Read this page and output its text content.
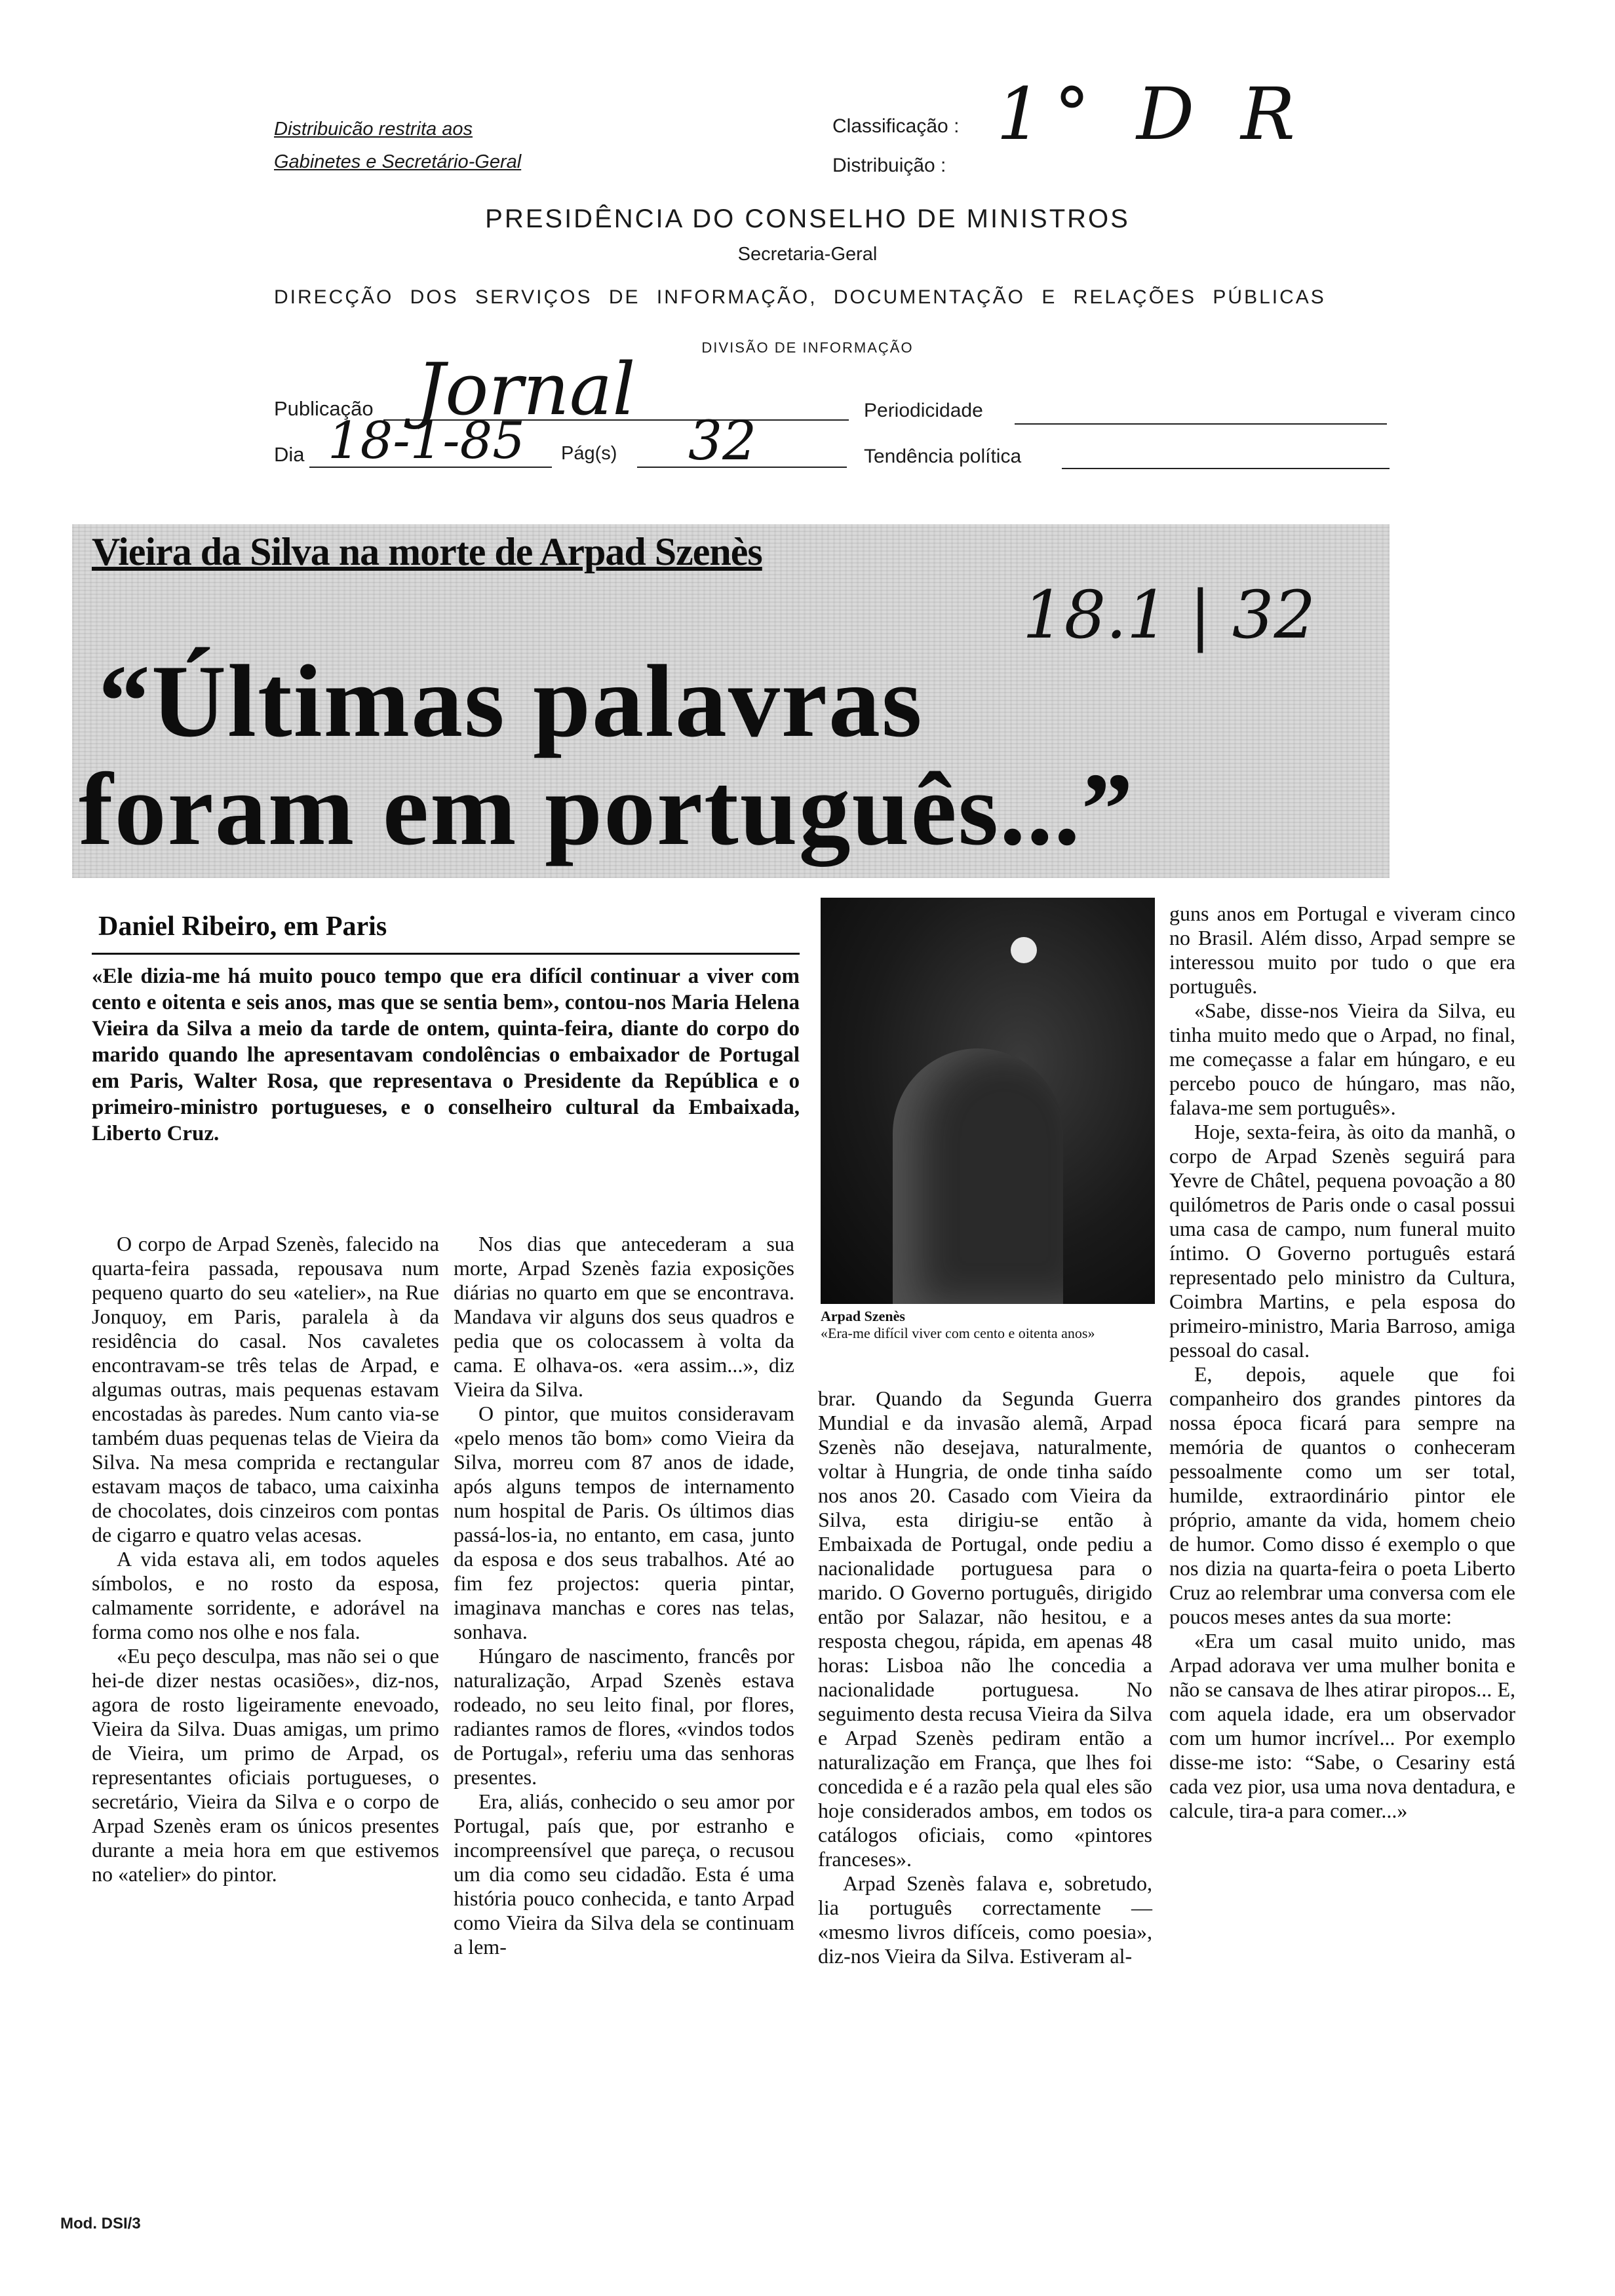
Distribuicão restrita aos
Gabinetes e Secretário-Geral
Classificação :
Distribuição :
1° D R
PRESIDÊNCIA DO CONSELHO DE MINISTROS
Secretaria-Geral
DIRECÇÃO DOS SERVIÇOS DE INFORMAÇÃO, DOCUMENTAÇÃO E RELAÇÕES PÚBLICAS
DIVISÃO DE INFORMAÇÃO
Publicação Jornal	Periodicidade
Dia 18-1-85 Pág(s) 32	Tendência política
Vieira da Silva na morte de Arpad Szenès
18.1 | 32
“Últimas palavras
foram em português...”
Daniel Ribeiro, em Paris

«Ele dizia-me há muito pouco tempo que era difícil continuar a viver com cento e oitenta e seis anos, mas que se sentia bem», contou-nos Maria Helena Vieira da Silva a meio da tarde de ontem, quinta-feira, diante do corpo do marido quando lhe apresentavam condolências o embaixador de Portugal em Paris, Walter Rosa, que representava o Presidente da República e o primeiro-ministro portugueses, e o conselheiro cultural da Embaixada, Liberto Cruz.

O corpo de Arpad Szenès, falecido na quarta-feira passada, repousava num pequeno quarto do seu «atelier», na Rue Jonquoy, em Paris, paralela à da residência do casal. Nos cavaletes encontravam-se três telas de Arpad, e algumas outras, mais pequenas estavam encostadas às paredes. Num canto via-se também duas pequenas telas de Vieira da Silva. Na mesa comprida e rectangular estavam maços de tabaco, uma caixinha de chocolates, dois cinzeiros com pontas de cigarro e quatro velas acesas.

A vida estava ali, em todos aqueles símbolos, e no rosto da esposa, calmamente sorridente, e adorável na forma como nos olhe e nos fala.

«Eu peço desculpa, mas não sei o que hei-de dizer nestas ocasiões», diz-nos, agora de rosto ligeiramente enevoado, Vieira da Silva. Duas amigas, um primo de Vieira, um primo de Arpad, os representantes oficiais portugueses, o secretário, Vieira da Silva e o corpo de Arpad Szenès eram os únicos presentes durante a meia hora em que estivemos no «atelier» do pintor.

Nos dias que antecederam a sua morte, Arpad Szenès fazia exposições diárias no quarto em que se encontrava. Mandava vir alguns dos seus quadros e pedia que os colocassem à volta da cama. E olhava-os. «era assim...», diz Vieira da Silva.

O pintor, que muitos consideravam «pelo menos tão bom» como Vieira da Silva, morreu com 87 anos de idade, após alguns tempos de internamento num hospital de Paris. Os últimos dias passá-los-ia, no entanto, em casa, junto da esposa e dos seus trabalhos. Até ao fim fez projectos: queria pintar, imaginava manchas e cores nas telas, sonhava.

Húngaro de nascimento, francês por naturalização, Arpad Szenès estava rodeado, no seu leito final, por flores, radiantes ramos de flores, «vindos todos de Portugal», referiu uma das senhoras presentes.

Era, aliás, conhecido o seu amor por Portugal, país que, por estranho e incompreensível que pareça, o recusou um dia como seu cidadão. Esta é uma história pouco conhecida, e tanto Arpad como Vieira da Silva dela se continuam a lem-

Arpad Szenès
«Era-me difícil viver com cento e oitenta anos»

brar. Quando da Segunda Guerra Mundial e da invasão alemã, Arpad Szenès não desejava, naturalmente, voltar à Hungria, de onde tinha saído nos anos 20. Casado com Vieira da Silva, esta dirigiu-se então à Embaixada de Portugal, onde pediu a nacionalidade portuguesa para o marido. O Governo português, dirigido então por Salazar, não hesitou, e a resposta chegou, rápida, em apenas 48 horas: Lisboa não lhe concedia a nacionalidade portuguesa. No seguimento desta recusa Vieira da Silva e Arpad Szenès pediram então a naturalização em França, que lhes foi concedida e é a razão pela qual eles são hoje considerados ambos, em todos os catálogos oficiais, como «pintores franceses».

Arpad Szenès falava e, sobretudo, lia português correctamente — «mesmo livros difíceis, como poesia», diz-nos Vieira da Silva. Estiveram al-

guns anos em Portugal e viveram cinco no Brasil. Além disso, Arpad sempre se interessou muito por tudo o que era português.

«Sabe, disse-nos Vieira da Silva, eu tinha muito medo que o Arpad, no final, me começasse a falar em húngaro, e eu percebo pouco de húngaro, mas não, falava-me sem português».

Hoje, sexta-feira, às oito da manhã, o corpo de Arpad Szenès seguirá para Yevre de Châtel, pequena povoação a 80 quilómetros de Paris onde o casal possui uma casa de campo, num funeral muito íntimo. O Governo português estará representado pelo ministro da Cultura, Coimbra Martins, e pela esposa do primeiro-ministro, Maria Barroso, amiga pessoal do casal.

E, depois, aquele que foi companheiro dos grandes pintores da nossa época ficará para sempre na memória de quantos o conheceram pessoalmente como um ser total, humilde, extraordinário pintor ele próprio, amante da vida, homem cheio de humor. Como disso é exemplo o que nos dizia na quarta-feira o poeta Liberto Cruz ao relembrar uma conversa com ele poucos meses antes da sua morte:

«Era um casal muito unido, mas Arpad adorava ver uma mulher bonita e não se cansava de lhes atirar piropos... E, com aquela idade, era um observador com um humor incrível... Por exemplo disse-me isto: “Sabe, o Cesariny está cada vez pior, usa uma nova dentadura, e calcule, tira-a para comer...»

Mod. DSI/3
